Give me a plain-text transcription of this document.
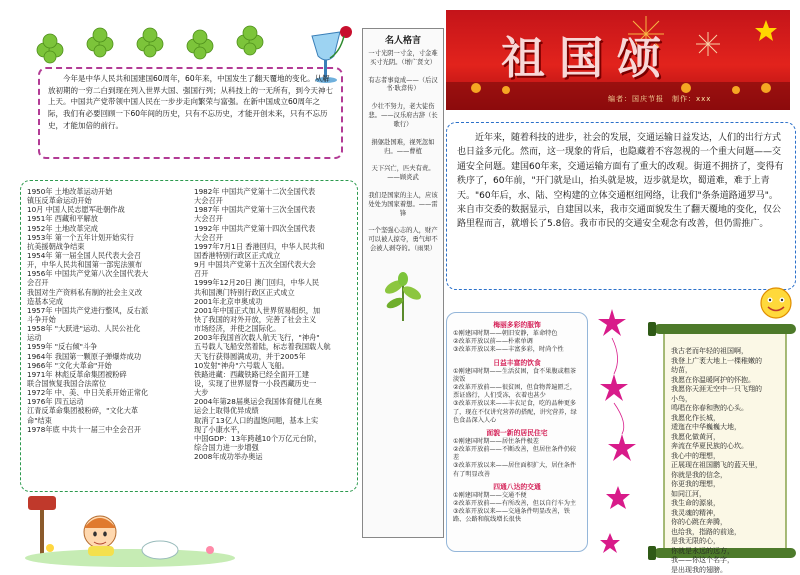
今年是中华人民共和国建国60周年，60年来，中国发生了翻天覆地的变化。从解放初期的一穷二白到现在列入世界大国、强国行列；从科技上的一无所有，到今天神七上天。中国共产党带领中国人民在一步步走向繁荣与富强。在新中国成立60周年之际，我们有必要回顾一下60年间的历史，只有不忘历史，才能开创未来，只有不忘历史，才能加倍的前行。
1950年 土地改革运动开始
镇压反革命运动开始
10月 中国人民志愿军赴朝作战
1951年 西藏和平解放
1952年 土地改革完成
1953年 第一个五年计划开始实行
抗美援朝战争结束
1954年 第一届全国人民代表大会召
开，中华人民共和国第一部宪法颁布
1956年 中国共产党第八次全国代表大
会召开
我国对生产资料私有制的社会主义改
造基本完成
1957年 中国共产党进行整风，反右派
斗争开始
1958年 "大跃进"运动、人民公社化
运动
1959年 "反右倾"斗争
1964年 我国第一颗原子弹爆炸成功
1966年 "文化大革命"开始
1971年 林彪反革命集团被粉碎
联合国恢复我国合法席位
1972年 中、美、中日关系开始正常化
1976年 四五运动
江青反革命集团被粉碎，"文化大革
命"结束
1978年底 中共十一届三中全会召开
1982年 中国共产党第十二次全国代表
大会召开
1987年 中国共产党第十三次全国代表
大会召开
1992年 中国共产党第十四次全国代表
大会召开
1997年7月1日 香港回归，中华人民共和
国香港特别行政区正式成立
9月 中国共产党第十五次全国代表大会
召开
1999年12月20日 澳门回归，中华人民
共和国澳门特别行政区正式成立
2001年北京申奥成功
2001年中国正式加入世界贸易组织，加
快了我国的对外开放，完善了社会主义
市场经济，并使之国际化。
2003年我国首次载人航天飞行，"神舟"
五号载人飞船安然着陆，标志着我国载人航
天飞行获得圆满成功，并于2005年
10发射"神舟"六号载人飞船。
铁路进藏：西藏铁路已经全面开工建
设，实现了世界屋脊一小段西藏历史一
大步
2004年第28届奥运会我国体育健儿在奥
运会上取得优异成绩
取消了13亿人口的温饱问题，基本上实
现了小康水平，
中国GDP：13年跨越10个万亿元台阶，
综合国力进一步增强
2008年成功举办奥运
名人格言
一寸光阴一寸金，寸金难买寸光阴。（增广贤文）
有志者事竟成——（后汉书·耿弇传）
少壮不努力，老大徒伤悲。——汉乐府古辞（长歌行）
捐躯赴国难，视死忽如归。——曹植
天下兴亡，匹夫有责。——顾炎武
我们是国家的主人，应该处处为国家着想。——雷锋
一个坚强心志的人，财产可以被人掠夺，勇气却不会被人剥夺的。（雨果）
祖国颂
编者：国庆节报　制作：xxx
近年来，随着科技的进步，社会的发展，交通运输日益发达，人们的出行方式也日益多元化。然而，这一现象的背后，也隐藏着不容忽视的一个重大问题——交通安全问题。建国60年来，交通运输方面有了重大的改观。街道不拥挤了，变得有秩序了，60年前，"开门就是山，抬头就是坡，迈步就是坎，蜀道难，难于上青天。"60年后，水、陆、空构建的立体交通枢纽网络，让我们"条条道路通罗马"。来自市交委的数据显示，自建国以来，我市交通面貌发生了翻天覆地的变化，仅公路里程而言，就增长了5.8倍。我市市民的交通安全观念有改善，但仍需推广。
梅丽多彩的服饰
①刚建国时期——朝旧安静，革命特色
②改革开放以前——朴素单调
③改革开放以来——丰富多彩，时尚个性
日益丰富的饮食
①刚建国时期——生活贫困，食不果腹或粗茶淡饭
②改革开放前——很贫困，但食物普遍匮乏，票证盛行，人们受冻，衣着也甚少
③改革开放以来——丰衣足食，吃的品种更多了，现在不仅讲究营养的搭配，讲究营养，绿色食品深入人心
面貌一新的居民住宅
①刚建国时期——居住条件极差
②改革开放前——不断改善，但居住条件仍较差
③改革开放以来——居住面积扩大，居住条件有了明显改善
四通八达的交通
①刚建国时期——交通不便
②改革开放前——有所改善，但以自行车为主
③改革开放以来——交通条件明显改善，铁路、公路和航线增长很快
我古老而年轻的祖国啊，
我登上广袤大地上一棵稚嫩的
幼苗，
我愿在你温暖阿护的怀抱。
我愿你天涯无空中一只飞翔的
小鸟，
鸣唱在你春和煦的心头。
我愿化作长城，
逶迤在中华巍巍大地，
我愿化做黄河，
奔流在华夏民族的心坎。
我心中的理想，
正展现在祖国鹏飞的蓝天里，
你就是我的信念，
你更我的理想，
如同江河，
我生命的源泉，
我灵魂的精神，
你的心跳在奔腾，
也给我，指路的前途，
是我无限的心，
你就是永远的远方，
我——你这个名字，
是出现我的翅膀。
